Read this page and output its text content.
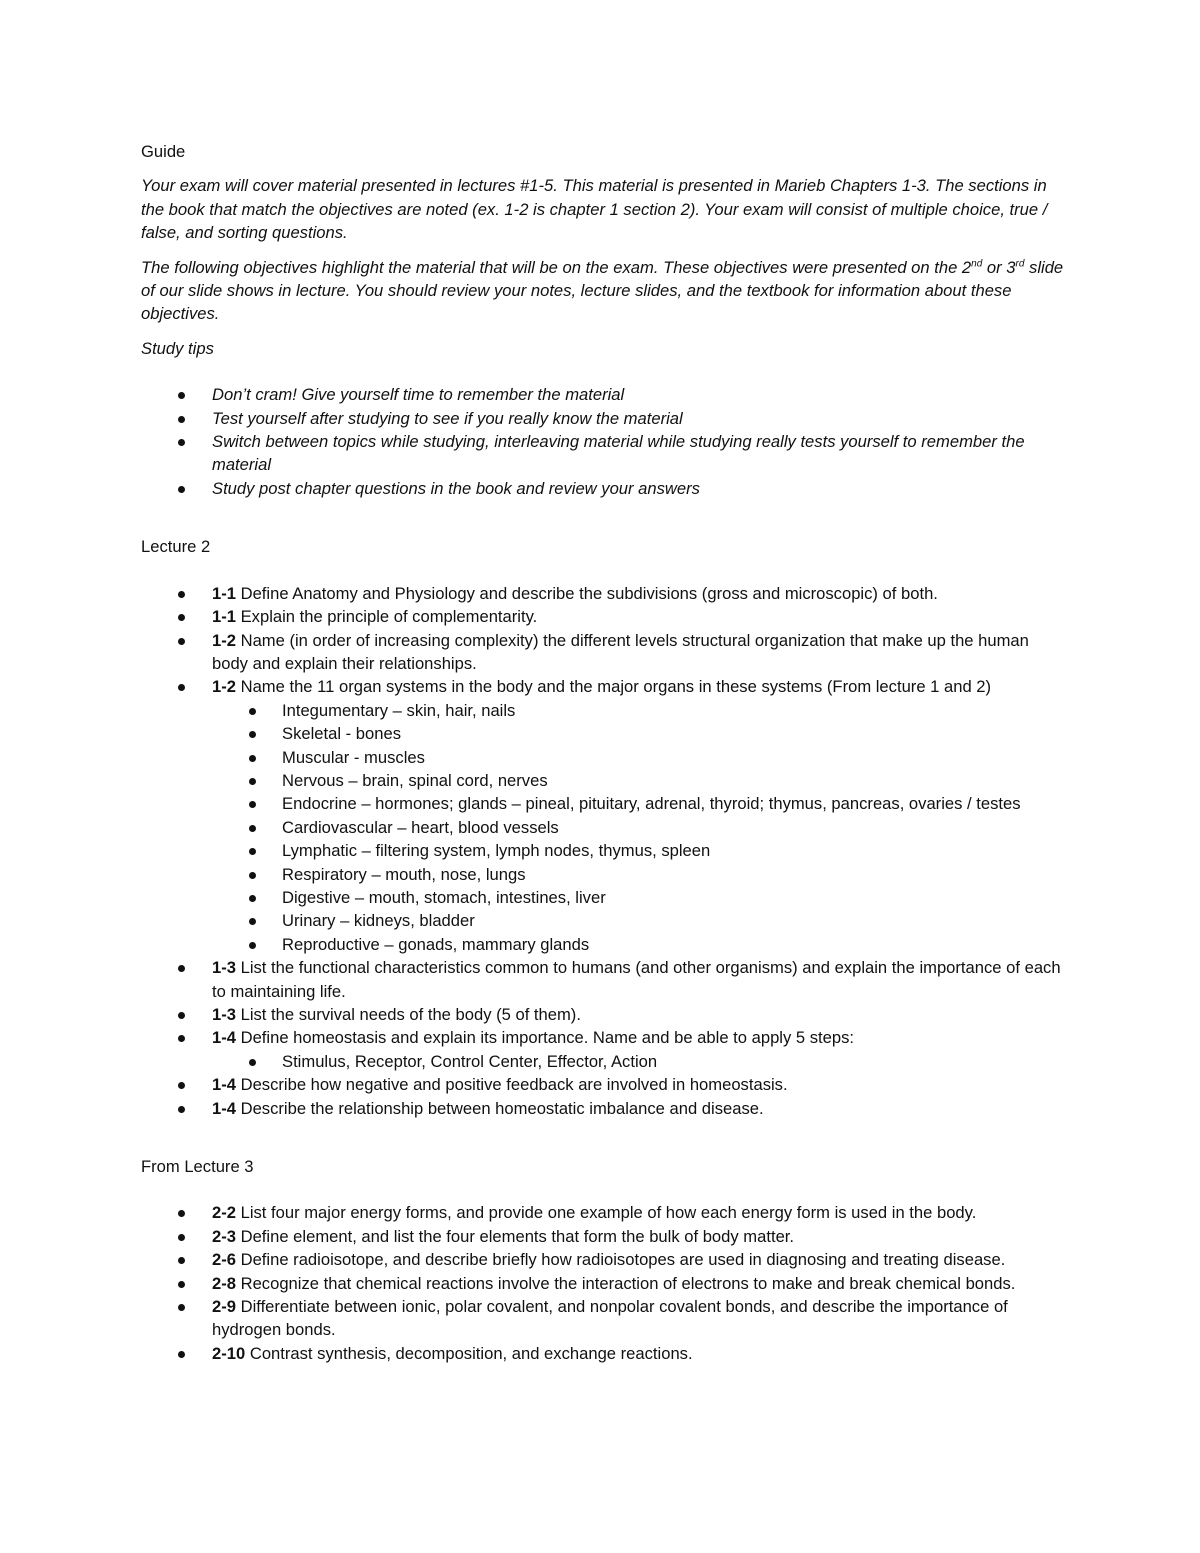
Guide

Your exam will cover material presented in lectures #1-5. This material is presented in Marieb Chapters 1-3. The sections in the book that match the objectives are noted (ex. 1-2 is chapter 1 section 2). Your exam will consist of multiple choice, true / false, and sorting questions.

The following objectives highlight the material that will be on the exam. These objectives were presented on the 2nd or 3rd slide of our slide shows in lecture. You should review your notes, lecture slides, and the textbook for information about these objectives.

Study tips

Don’t cram! Give yourself time to remember the material
Test yourself after studying to see if you really know the material
Switch between topics while studying, interleaving material while studying really tests yourself to remember the material
Study post chapter questions in the book and review your answers

Lecture 2

1-1 Define Anatomy and Physiology and describe the subdivisions (gross and microscopic) of both.
1-1 Explain the principle of complementarity.
1-2 Name (in order of increasing complexity) the different levels structural organization that make up the human body and explain their relationships.
1-2 Name the 11 organ systems in the body and the major organs in these systems (From lecture 1 and 2)
Integumentary – skin, hair, nails
Skeletal - bones
Muscular - muscles
Nervous – brain, spinal cord, nerves
Endocrine – hormones; glands – pineal, pituitary, adrenal, thyroid; thymus, pancreas, ovaries / testes
Cardiovascular – heart, blood vessels
Lymphatic – filtering system, lymph nodes, thymus, spleen
Respiratory – mouth, nose, lungs
Digestive – mouth, stomach, intestines, liver
Urinary – kidneys, bladder
Reproductive – gonads, mammary glands
1-3 List the functional characteristics common to humans (and other organisms) and explain the importance of each to maintaining life.
1-3 List the survival needs of the body (5 of them).
1-4 Define homeostasis and explain its importance. Name and be able to apply 5 steps:
Stimulus, Receptor, Control Center, Effector, Action
1-4 Describe how negative and positive feedback are involved in homeostasis.
1-4 Describe the relationship between homeostatic imbalance and disease.

From Lecture 3

2-2 List four major energy forms, and provide one example of how each energy form is used in the body.
2-3 Define element, and list the four elements that form the bulk of body matter.
2-6 Define radioisotope, and describe briefly how radioisotopes are used in diagnosing and treating disease.
2-8 Recognize that chemical reactions involve the interaction of electrons to make and break chemical bonds.
2-9 Differentiate between ionic, polar covalent, and nonpolar covalent bonds, and describe the importance of hydrogen bonds.
2-10 Contrast synthesis, decomposition, and exchange reactions.
